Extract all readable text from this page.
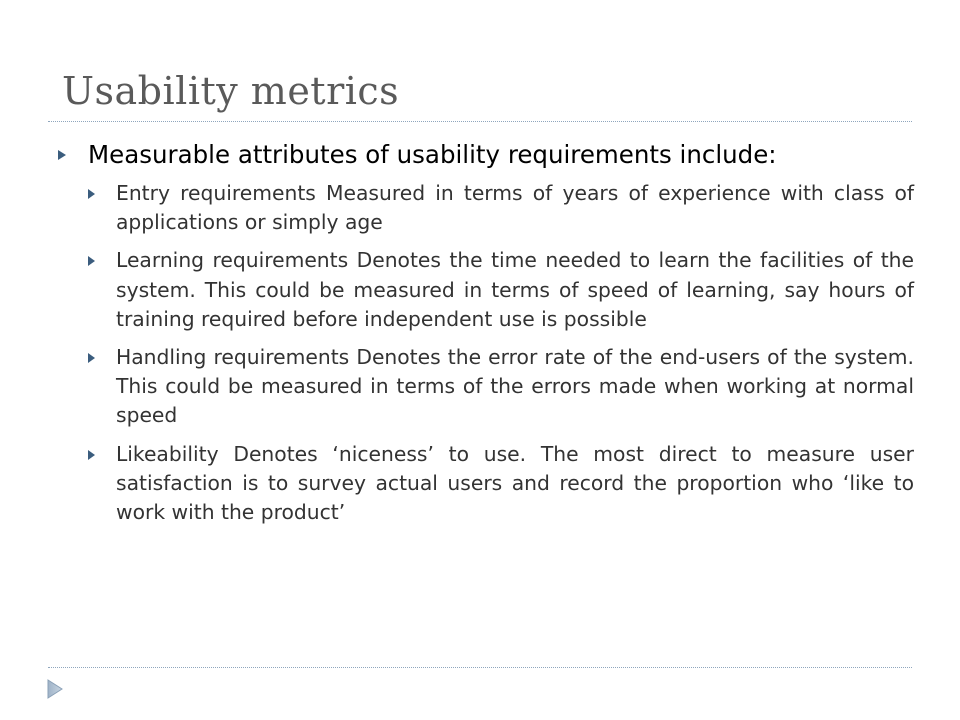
Usability metrics
Measurable attributes of usability requirements include:
Entry requirements Measured in terms of years of experience with class of applications or simply age
Learning requirements Denotes the time needed to learn the facilities of the system. This could be measured in terms of speed of learning, say hours of training required before independent use is possible
Handling requirements Denotes the error rate of the end-users of the system. This could be measured in terms of the errors made when working at normal speed
Likeability Denotes ‘niceness’ to use. The most direct to measure user satisfaction is to survey actual users and record the proportion who ‘like to work with the product’
